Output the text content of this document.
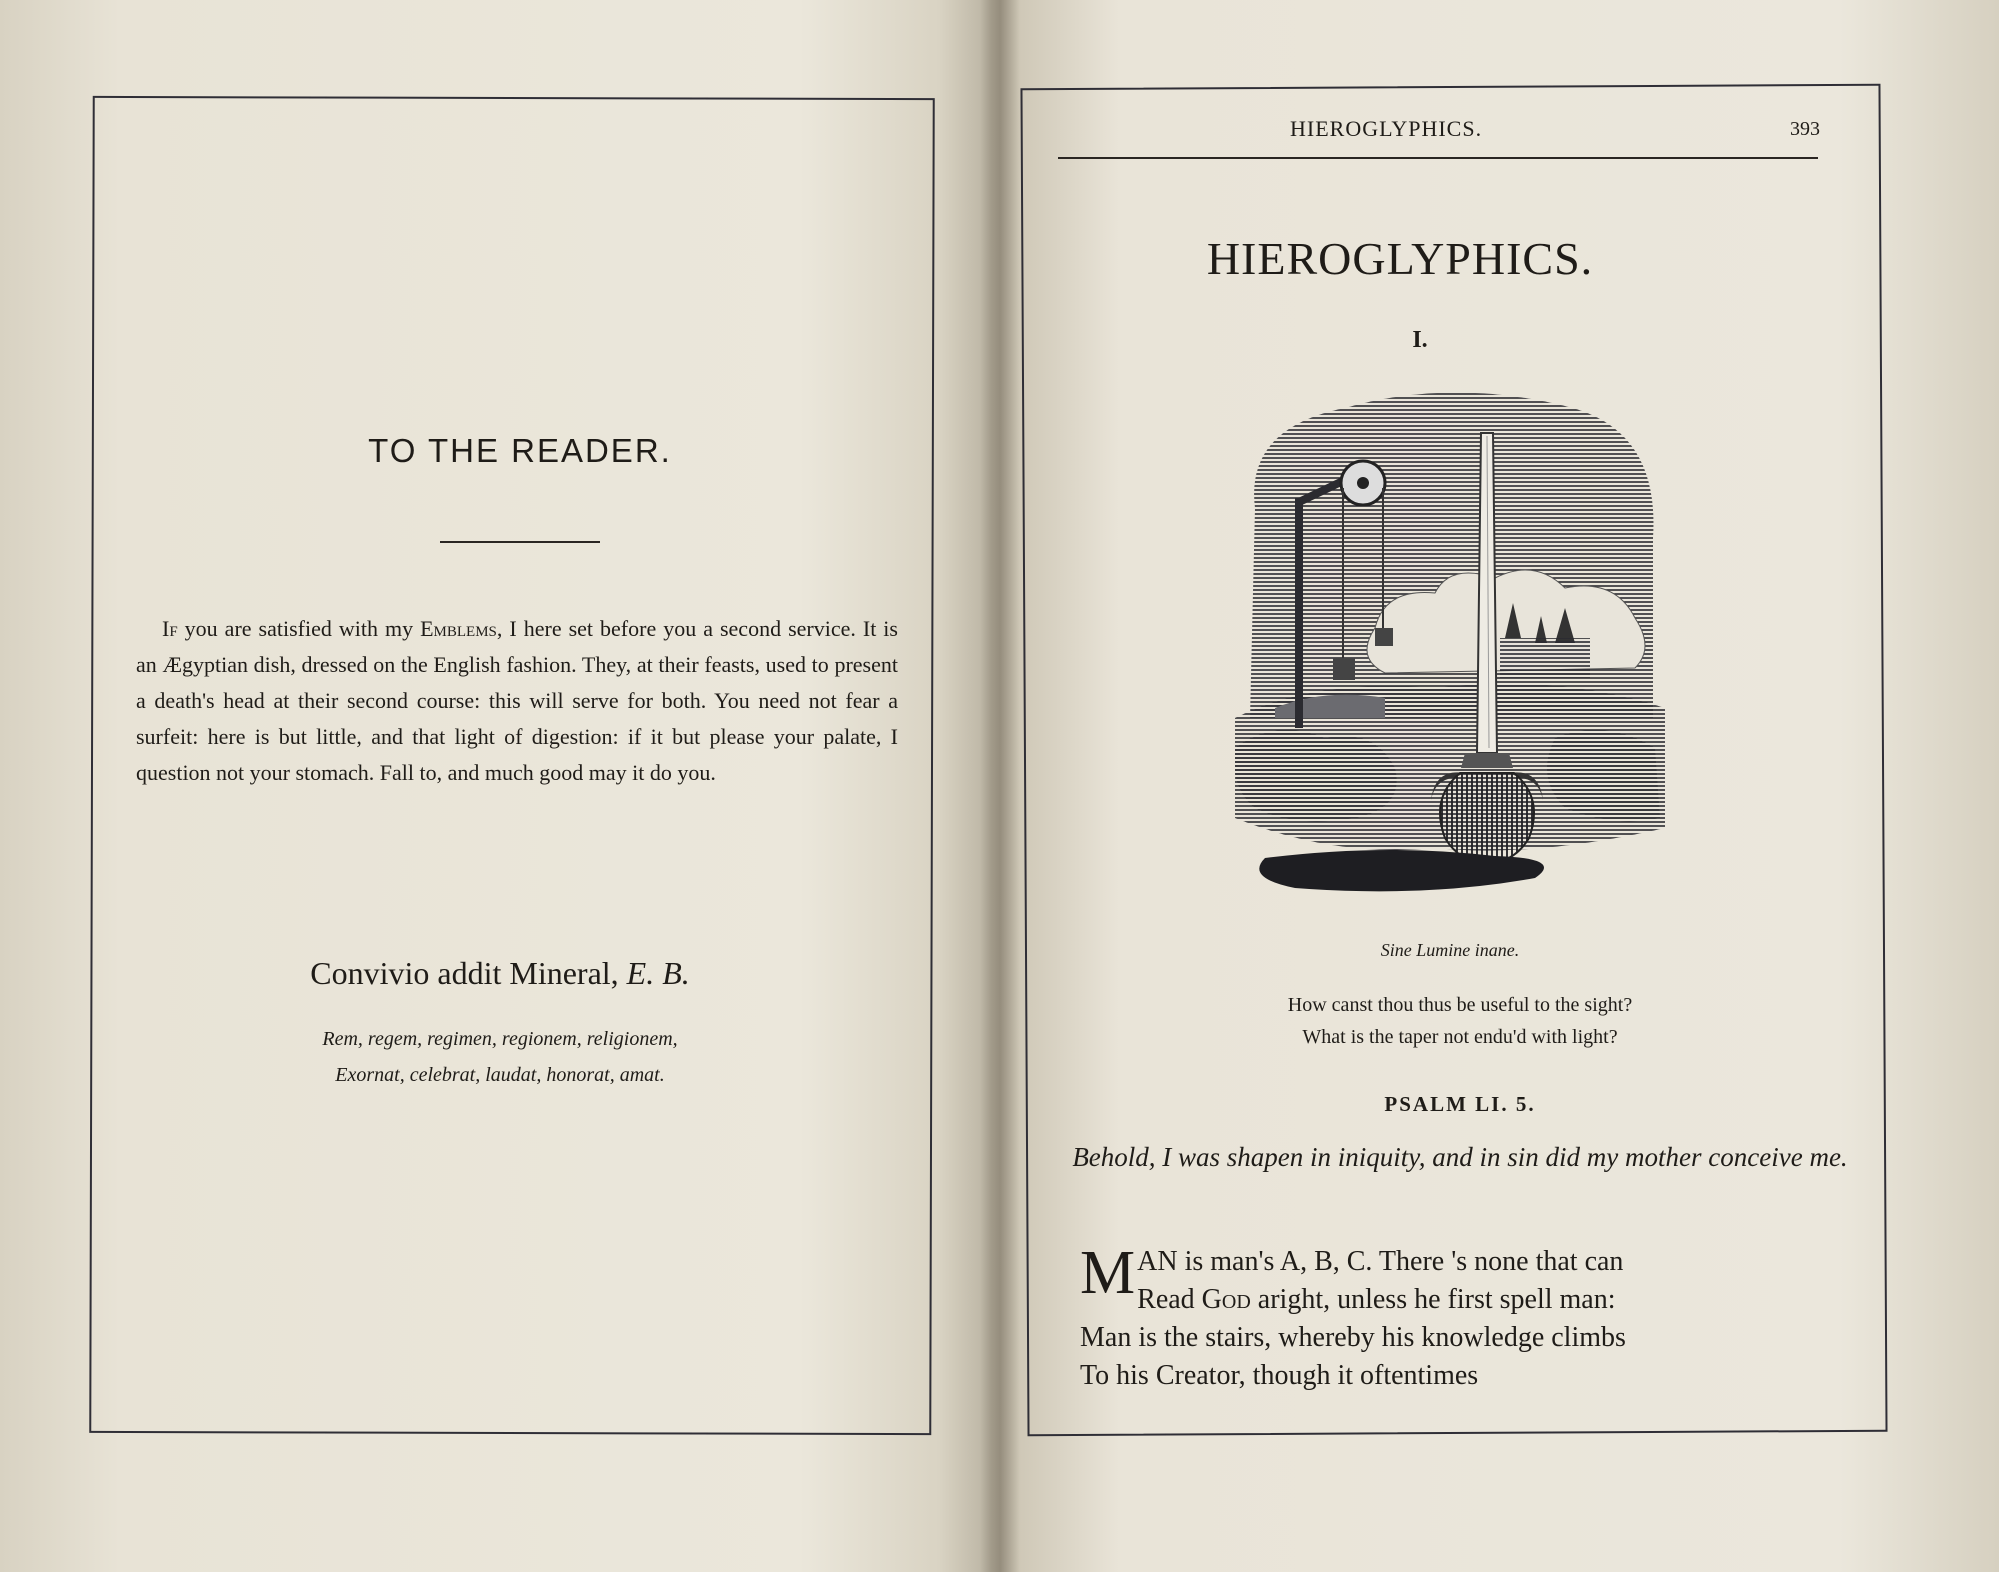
TO THE READER.
If you are satisfied with my Emblems, I here set before you a second service. It is an Ægyptian dish, dressed on the English fashion. They, at their feasts, used to present a death's head at their second course: this will serve for both. You need not fear a surfeit: here is but little, and that light of digestion: if it but please your palate, I question not your stomach. Fall to, and much good may it do you.
Convivio addit Mineral, E. B.
Rem, regem, regimen, regionem, religionem,
Exornat, celebrat, laudat, honorat, amat.
HIEROGLYPHICS.	393
HIEROGLYPHICS.
I.
Sine Lumine inane.
How canst thou thus be useful to the sight?
What is the taper not endu'd with light?
PSALM LI. 5.
Behold, I was shapen in iniquity, and in sin did my mother conceive me.
M AN is man's A, B, C. There 's none that can
Read God aright, unless he first spell man:
Man is the stairs, whereby his knowledge climbs
To his Creator, though it oftentimes
